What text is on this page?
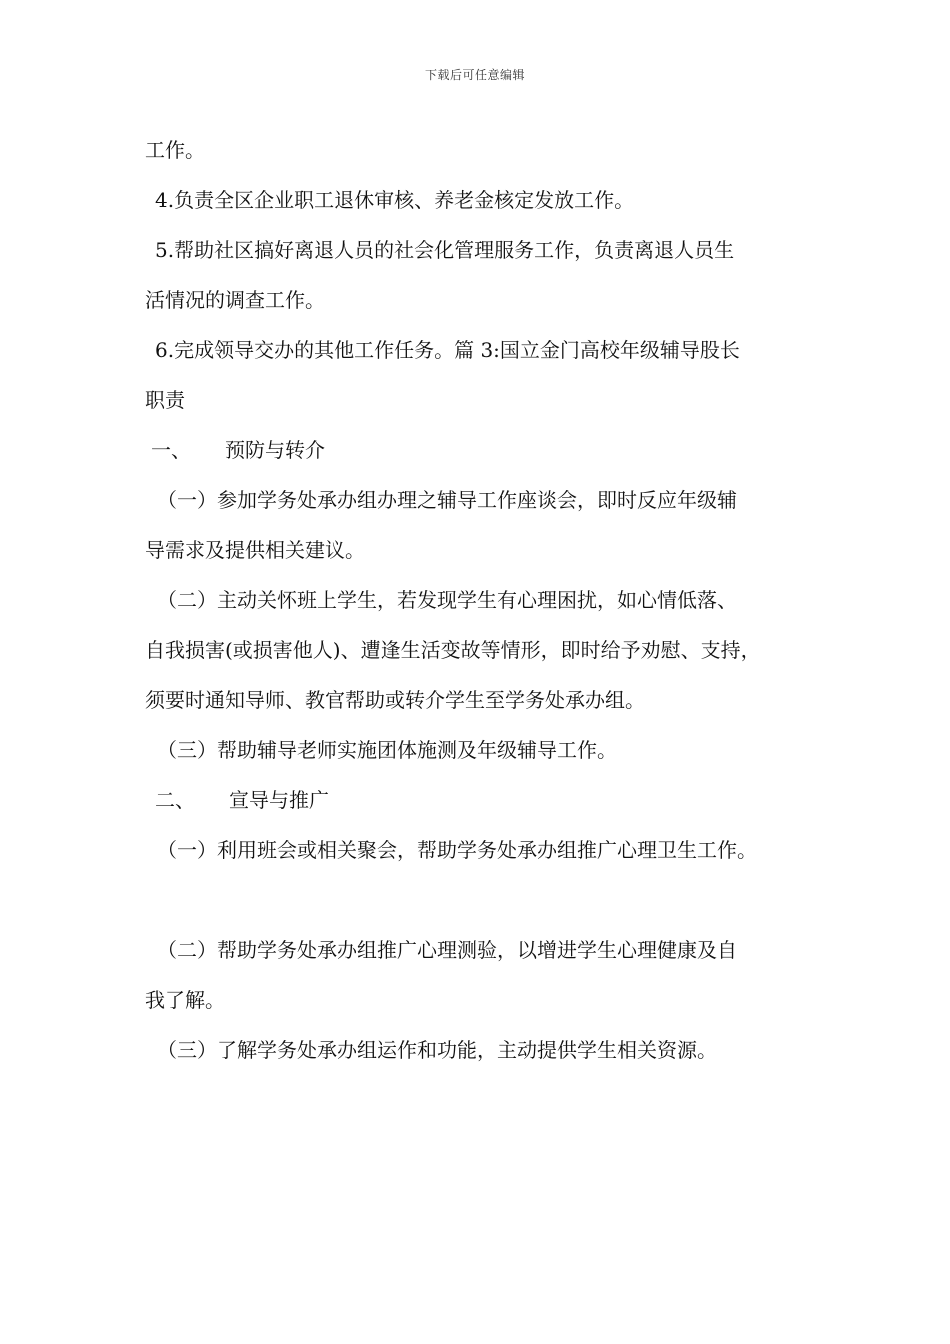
下载后可任意编辑
工作。
4.负责全区企业职工退休审核、养老金核定发放工作。
5.帮助社区搞好离退人员的社会化管理服务工作，负责离退人员生
活情况的调查工作。
6.完成领导交办的其他工作任务。篇 3:国立金门高校年级辅导股长
职责
一、 预防与转介
（一）参加学务处承办组办理之辅导工作座谈会，即时反应年级辅
导需求及提供相关建议。
（二）主动关怀班上学生，若发现学生有心理困扰，如心情低落、
自我损害(或损害他人)、遭逢生活变故等情形，即时给予劝慰、支持，
须要时通知导师、教官帮助或转介学生至学务处承办组。
（三）帮助辅导老师实施团体施测及年级辅导工作。
二、 宣导与推广
（一）利用班会或相关聚会，帮助学务处承办组推广心理卫生工作。
（二）帮助学务处承办组推广心理测验，以增进学生心理健康及自
我了解。
（三）了解学务处承办组运作和功能，主动提供学生相关资源。
